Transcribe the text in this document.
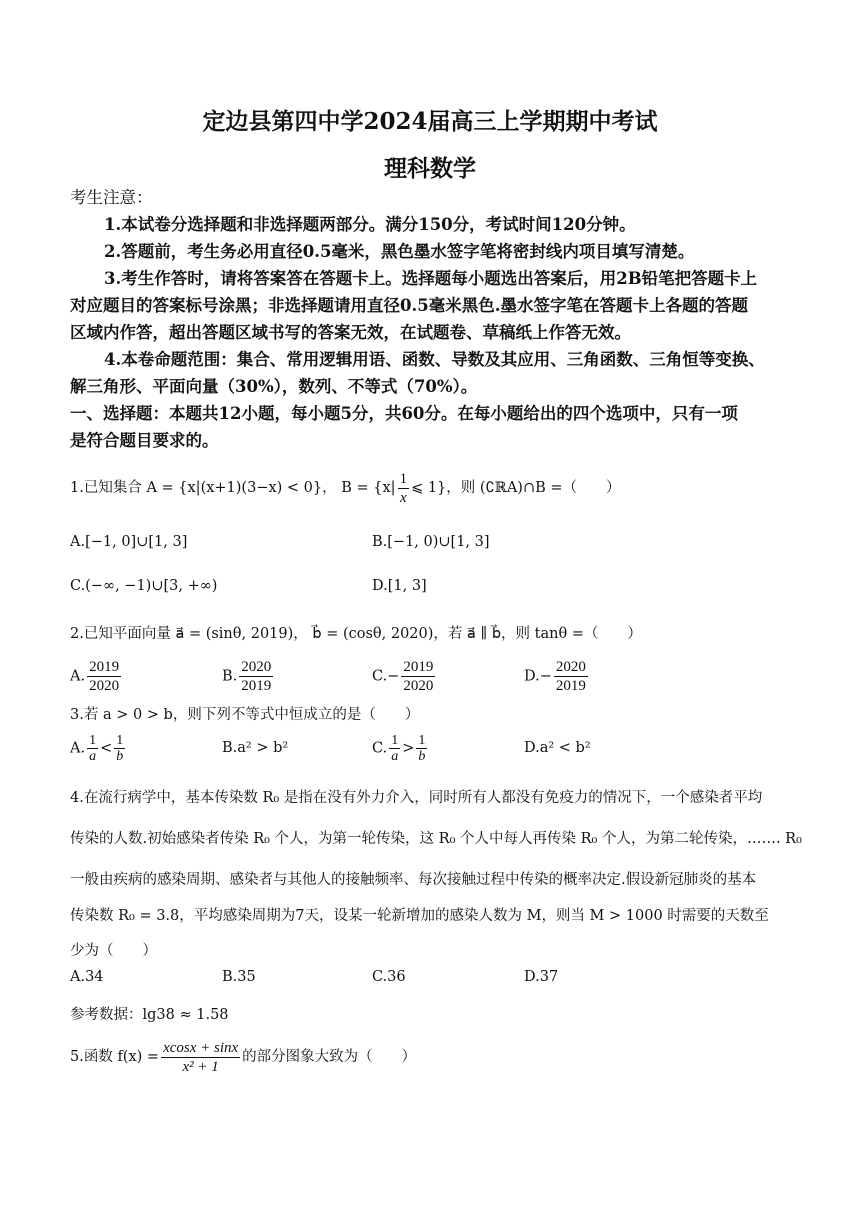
定边县第四中学2024届高三上学期期中考试
理科数学
考生注意：
1.本试卷分选择题和非选择题两部分。满分150分，考试时间120分钟。
2.答题前，考生务必用直径0.5毫米，黑色墨水签字笔将密封线内项目填写清楚。
3.考生作答时，请将答案答在答题卡上。选择题每小题选出答案后，用2B铅笔把答题卡上
对应题目的答案标号涂黑；非选择题请用直径0.5毫米黑色.墨水签字笔在答题卡上各题的答题
区域内作答，超出答题区域书写的答案无效，在试题卷、草稿纸上作答无效。
4.本卷命题范围：集合、常用逻辑用语、函数、导数及其应用、三角函数、三角恒等变换、
解三角形、平面向量（30%），数列、不等式（70%）。
一、选择题：本题共12小题，每小题5分，共60分。在每小题给出的四个选项中，只有一项
是符合题目要求的。
1.已知集合 A = {x|(x+1)(3−x) < 0}， $B = \{x| \frac{1}{x}$ ⩽ 1}，则 (∁ℝA)∩B =（　　）
A.[−1, 0]∪[1, 3]	B.[−1, 0)∪[1, 3]
C.(−∞, −1)∪[3, +∞)	D.[1, 3]
2.已知平面向量 a⃗ = (sinθ, 2019)， b⃗ = (cosθ, 2020)，若 a⃗ ∥ b⃗，则 tanθ =（　　）
A. $\frac{2019}{2020}$	B. $\frac{2020}{2019}$	$C.- \frac{2019}{2020}$	$D.- \frac{2020}{2019}$
3.若 a > 0 > b，则下列不等式中恒成立的是（　　）
A. $\frac{1}{a} < \frac{1}{b}$	B.a² > b²	C. $\frac{1}{a} > \frac{1}{b}$	D.a² < b²
4.在流行病学中，基本传染数 R₀ 是指在没有外力介入，同时所有人都没有免疫力的情况下，一个感染者平均
传染的人数.初始感染者传染 R₀ 个人，为第一轮传染，这 R₀ 个人中每人再传染 R₀ 个人，为第二轮传染，……. R₀
一般由疾病的感染周期、感染者与其他人的接触频率、每次接触过程中传染的概率决定.假设新冠肺炎的基本
传染数 R₀ = 3.8，平均感染周期为7天，设某一轮新增加的感染人数为 M，则当 M > 1000 时需要的天数至
少为（　　）
A.34	B.35	C.36	D.37
参考数据：lg38 ≈ 1.58
5.函数 $f(x) = \frac{xcosx + \sin x}{\text{x² + 1}}$ 的部分图象大致为（　　）
